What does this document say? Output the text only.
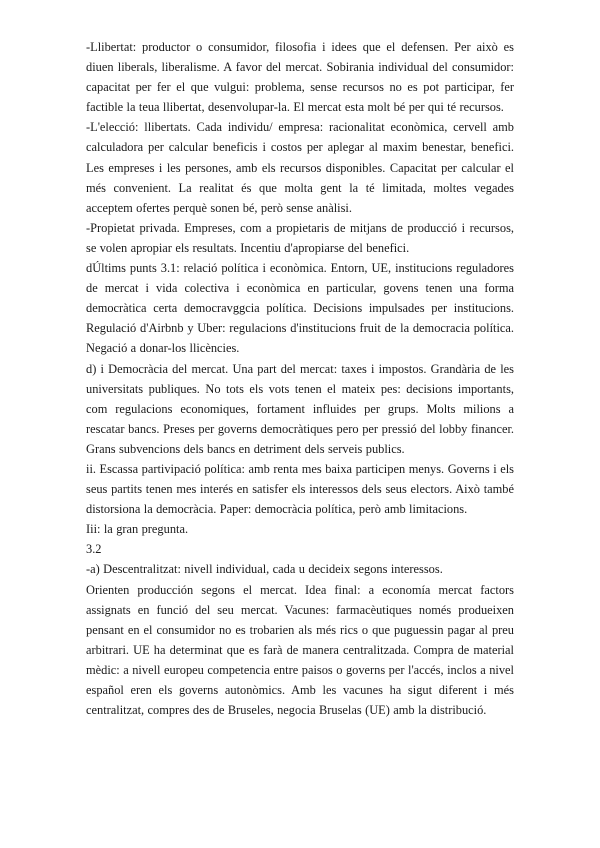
-Llibertat: productor o consumidor, filosofia i idees que el defensen. Per això es diuen liberals, liberalisme. A favor del mercat. Sobirania individual del consumidor: capacitat per fer el que vulgui: problema, sense recursos no es pot participar, fer factible la teua llibertat, desenvolupar-la. El mercat esta molt bé per qui té recursos.

-L'elecció: llibertats. Cada individu/ empresa: racionalitat econòmica, cervell amb calculadora per calcular beneficis i costos per aplegar al maxim benestar, benefici. Les empreses i les persones, amb els recursos disponibles. Capacitat per calcular el més convenient. La realitat és que molta gent la té limitada, moltes vegades acceptem ofertes perquè sonen bé, però sense anàlisi.

-Propietat privada. Empreses, com a propietaris de mitjans de producció i recursos, se volen apropiar els resultats. Incentiu d'apropiarse del benefici.

dÚltims punts 3.1: relació política i econòmica. Entorn, UE, institucions reguladores de mercat i vida colectiva i econòmica en particular, govens tenen una forma democràtica certa democravggcia política. Decisions impulsades per institucions. Regulació d'Airbnb y Uber: regulacions d'institucions fruit de la democracia política. Negació a donar-los llicències.

d) i Democràcia del mercat. Una part del mercat: taxes i impostos. Grandària de les universitats publiques. No tots els vots tenen el mateix pes: decisions importants, com regulacions economiques, fortament influides per grups. Molts milions a rescatar bancs. Preses per governs democràtiques pero per pressió del lobby financer. Grans subvencions dels bancs en detriment dels serveis publics.

ii. Escassa partivipació política: amb renta mes baixa participen menys. Governs i els seus partits tenen mes interés en satisfer els interessos dels seus electors. Això també distorsiona la democràcia. Paper: democràcia política, però amb limitacions.

Iii: la gran pregunta.

3.2

-a) Descentralitzat: nivell individual, cada u decideix segons interessos.

Orienten producción segons el mercat. Idea final: a economía mercat factors assignats en funció del seu mercat. Vacunes: farmacèutiques només produeixen pensant en el consumidor no es trobarien als més rics o que puguessin pagar al preu arbitrari. UE ha determinat que es farà de manera centralitzada. Compra de material mèdic: a nivell europeu competencia entre paisos o governs per l'accés, inclos a nivel español eren els governs autonòmics. Amb les vacunes ha sigut diferent i més centralitzat, compres des de Bruseles, negocia Bruselas (UE) amb la distribució.
